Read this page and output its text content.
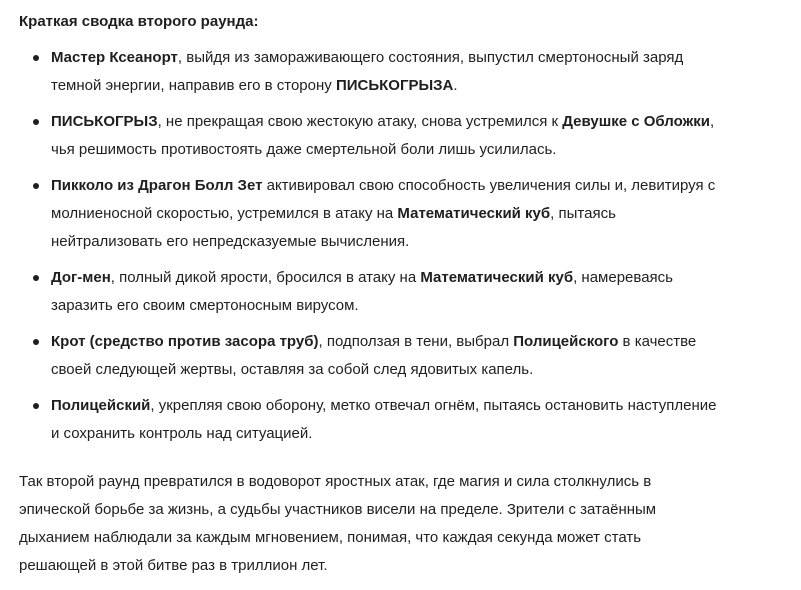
Краткая сводка второго раунда:
Мастер Ксеанорт, выйдя из замораживающего состояния, выпустил смертоносный заряд
темной энергии, направив его в сторону ПИСЬКОГРЫЗА.
ПИСЬКОГРЫЗ, не прекращая свою жестокую атаку, снова устремился к Девушке с Обложки,
чья решимость противостоять даже смертельной боли лишь усилилась.
Пикколо из Драгон Болл Зет активировал свою способность увеличения силы и, левитируя с
молниеносной скоростью, устремился в атаку на Математический куб, пытаясь
нейтрализовать его непредсказуемые вычисления.
Дог-мен, полный дикой ярости, бросился в атаку на Математический куб, намереваясь
заразить его своим смертоносным вирусом.
Крот (средство против засора труб), подползая в тени, выбрал Полицейского в качестве
своей следующей жертвы, оставляя за собой след ядовитых капель.
Полицейский, укрепляя свою оборону, метко отвечал огнём, пытаясь остановить наступление
и сохранить контроль над ситуацией.
Так второй раунд превратился в водоворот яростных атак, где магия и сила столкнулись в
эпической борьбе за жизнь, а судьбы участников висели на пределе. Зрители с затаённым
дыханием наблюдали за каждым мгновением, понимая, что каждая секунда может стать
решающей в этой битве раз в триллион лет.
